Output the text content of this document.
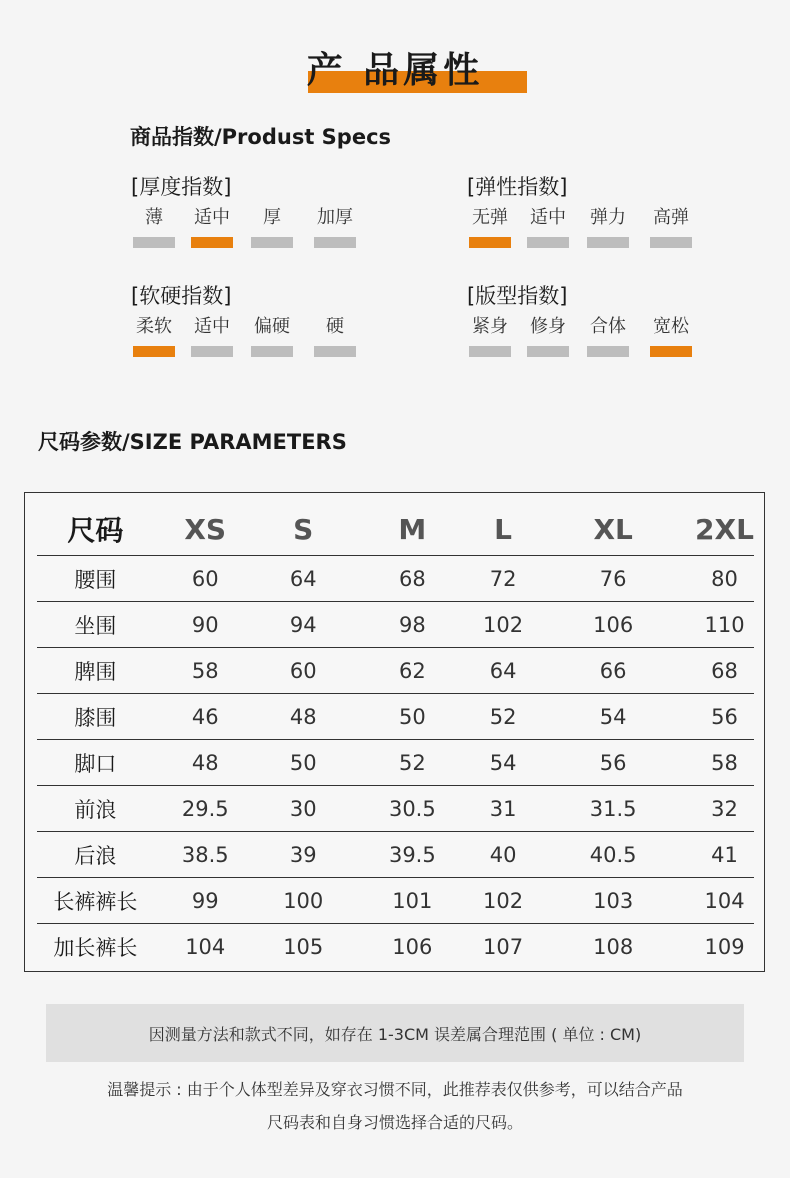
产 品属性
商品指数/Produst Specs
[厚度指数]
薄	适中	厚	加厚
[弹性指数]
无弹 适中 弹力 高弹
[软硬指数]
柔软 适中 偏硬	硬
[版型指数]
紧身 修身 合体 宽松
尺码参数/SIZE PARAMETERS
尺码	XS	S	M	L	XL	2XL
腰围	60	64	68	72	76	80
坐围	90	94	98	102	106	110
脾围	58	60	62	64	66	68
膝围	46	48	50	52	54	56
脚口	48	50	52	54	56	58
前浪	29.5	30	30.5	31	31.5	32
后浪	38.5	39	39.5	40	40.5	41
长裤裤长	99	100	101	102	103	104
加长裤长	104	105	106	107	108	109
因测量方法和款式不同，如存在 1-3CM 误差属合理范围 ( 单位 : CM)
温馨提示 : 由于个人体型差异及穿衣习惯不同，此推荐表仅供参考，可以结合产品
尺码表和自身习惯选择合适的尺码。
